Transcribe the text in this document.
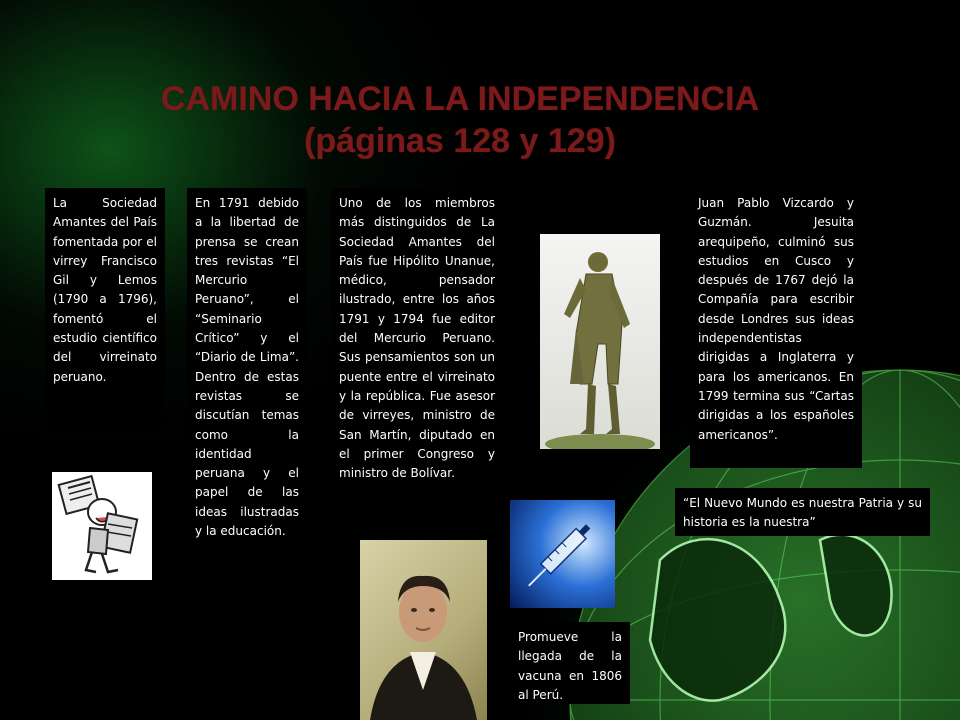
CAMINO HACIA LA INDEPENDENCIA
(páginas 128 y 129)
La Sociedad Amantes del País fomentada por el virrey Francisco Gil y Lemos (1790 a 1796), fomentó el estudio científico del virreinato peruano.
En 1791 debido a la libertad de prensa se crean tres revistas “El Mercurio Peruano”, el “Seminario Crítico” y el “Diario de Lima”. Dentro de estas revistas se discutían temas como la identidad peruana y el papel de las ideas ilustradas y la educación.
Uno de los miembros más distinguidos de La Sociedad Amantes del País fue Hipólito Unanue, médico, pensador ilustrado, entre los años 1791 y 1794 fue editor del Mercurio Peruano. Sus pensamientos son un puente entre el virreinato y la república. Fue asesor de virreyes, ministro de San Martín, diputado en el primer Congreso y ministro de Bolívar.
Juan Pablo Vizcardo y Guzmán. Jesuita arequipeño, culminó sus estudios en Cusco y después de 1767 dejó la Compañía para escribir desde Londres sus ideas independentistas dirigidas a Inglaterra y para los americanos. En 1799 termina sus “Cartas dirigidas a los españoles americanos”.
“El Nuevo Mundo es nuestra Patria y su historia es la nuestra”
Promueve la llegada de la vacuna en 1806 al Perú.
